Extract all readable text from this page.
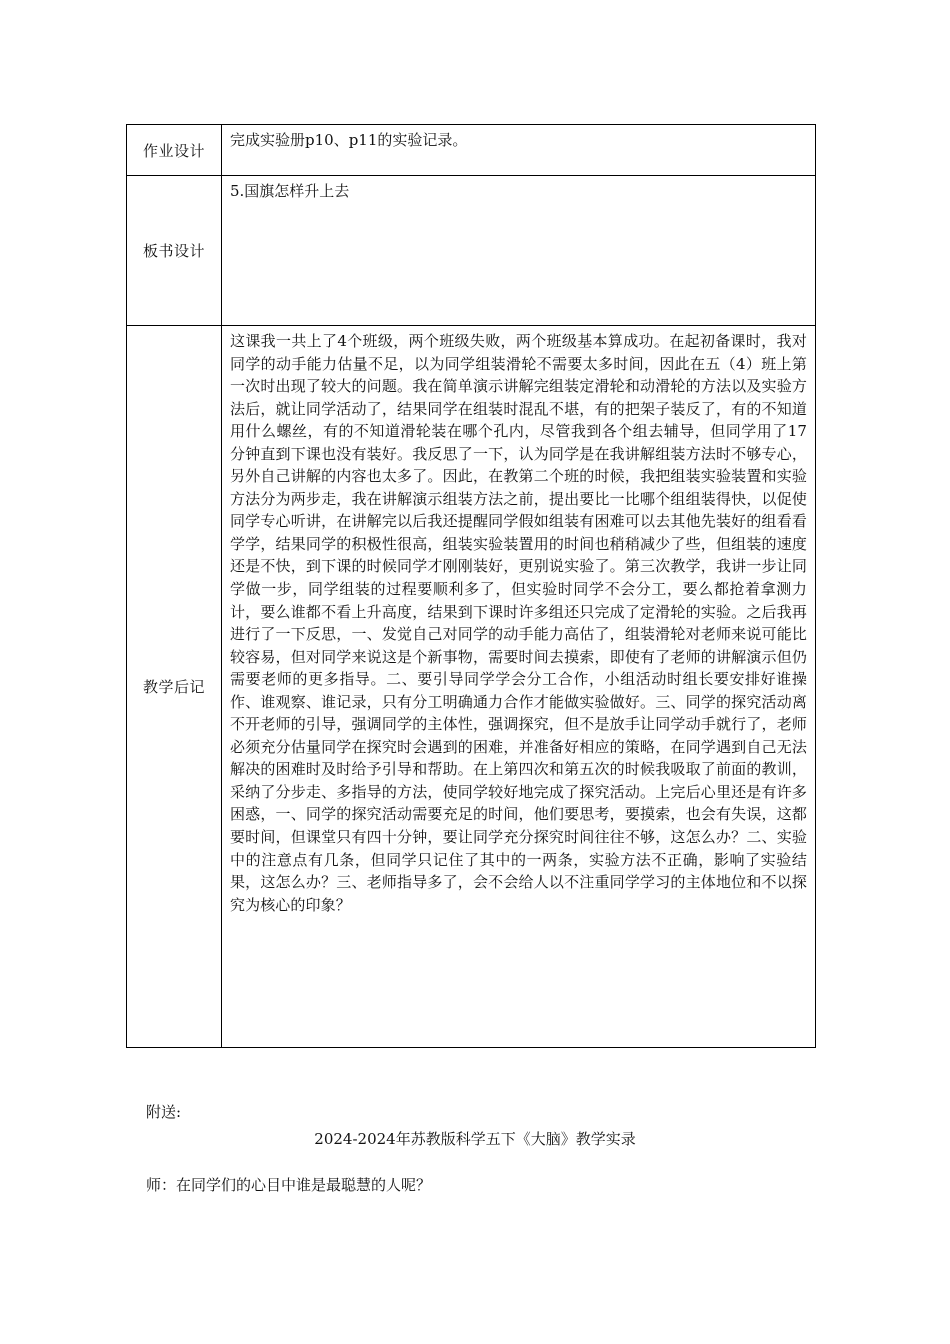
作业设计	完成实验册p10、p11的实验记录。

板书设计	5.国旗怎样升上去

教学后记	这课我一共上了4个班级，两个班级失败，两个班级基本算成功。在起初备课时，我对同学的动手能力估量不足，以为同学组装滑轮不需要太多时间，因此在五（4）班上第一次时出现了较大的问题。我在简单演示讲解完组装定滑轮和动滑轮的方法以及实验方法后，就让同学活动了，结果同学在组装时混乱不堪，有的把架子装反了，有的不知道用什么螺丝，有的不知道滑轮装在哪个孔内，尽管我到各个组去辅导，但同学用了17分钟直到下课也没有装好。我反思了一下，认为同学是在我讲解组装方法时不够专心，另外自己讲解的内容也太多了。因此，在教第二个班的时候，我把组装实验装置和实验方法分为两步走，我在讲解演示组装方法之前，提出要比一比哪个组组装得快，以促使同学专心听讲，在讲解完以后我还提醒同学假如组装有困难可以去其他先装好的组看看学学，结果同学的积极性很高，组装实验装置用的时间也稍稍减少了些，但组装的速度还是不快，到下课的时候同学才刚刚装好，更别说实验了。第三次教学，我讲一步让同学做一步，同学组装的过程要顺利多了，但实验时同学不会分工，要么都抢着拿测力计，要么谁都不看上升高度，结果到下课时许多组还只完成了定滑轮的实验。之后我再进行了一下反思，一、发觉自己对同学的动手能力高估了，组装滑轮对老师来说可能比较容易，但对同学来说这是个新事物，需要时间去摸索，即使有了老师的讲解演示但仍需要老师的更多指导。二、要引导同学学会分工合作，小组活动时组长要安排好谁操作、谁观察、谁记录，只有分工明确通力合作才能做实验做好。三、同学的探究活动离不开老师的引导，强调同学的主体性，强调探究，但不是放手让同学动手就行了，老师必须充分估量同学在探究时会遇到的困难，并准备好相应的策略，在同学遇到自己无法解决的困难时及时给予引导和帮助。在上第四次和第五次的时候我吸取了前面的教训，采纳了分步走、多指导的方法，使同学较好地完成了探究活动。上完后心里还是有许多困惑，一、同学的探究活动需要充足的时间，他们要思考，要摸索，也会有失误，这都要时间，但课堂只有四十分钟，要让同学充分探究时间往往不够，这怎么办？二、实验中的注意点有几条，但同学只记住了其中的一两条，实验方法不正确，影响了实验结果，这怎么办？三、老师指导多了，会不会给人以不注重同学学习的主体地位和不以探究为核心的印象？
附送:
2024-2024年苏教版科学五下《大脑》教学实录
师：在同学们的心目中谁是最聪慧的人呢？
